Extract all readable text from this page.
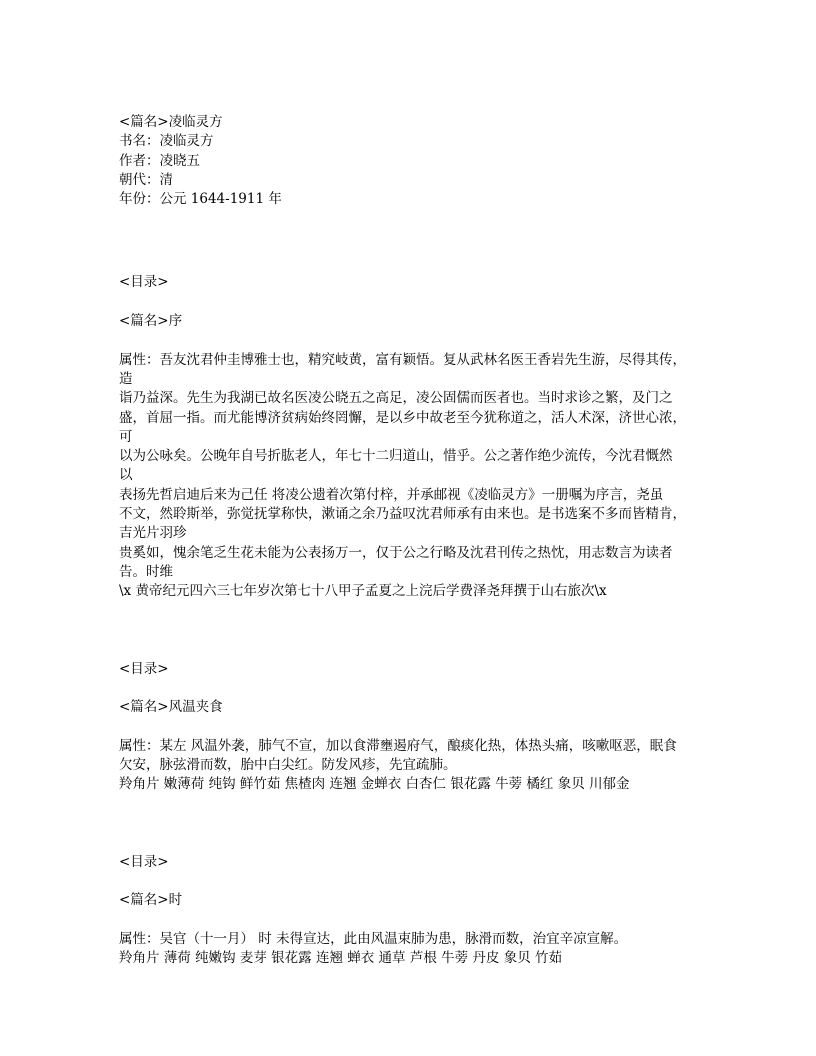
<篇名>凌临灵方
书名：凌临灵方
作者：凌晓五
朝代：清
年份：公元 1644-1911 年
<目录>
<篇名>序
属性：吾友沈君仲圭博雅士也，精究岐黄，富有颖悟。复从武林名医王香岩先生游，尽得其传，
造
诣乃益深。先生为我湖已故名医凌公晓五之高足，凌公固儒而医者也。当时求诊之繁，及门之
盛，首屈一指。而尤能博济贫病始终罔懈，是以乡中故老至今犹称道之，活人术深，济世心浓，
可
以为公咏矣。公晚年自号折肱老人，年七十二归道山，惜乎。公之著作绝少流传，今沈君慨然
以
表扬先哲启迪后来为己任 将凌公遗着次第付梓，并承邮视《凌临灵方》一册嘱为序言，尧虽
不文，然聆斯举，弥觉抚掌称快，漱诵之余乃益叹沈君师承有由来也。是书选案不多而皆精肯，
吉光片羽珍
贵奚如，愧余笔乏生花未能为公表扬万一，仅于公之行略及沈君刊传之热忱，用志数言为读者
告。时维
\x 黄帝纪元四六三七年岁次第七十八甲子孟夏之上浣后学费泽尧拜撰于山右旅次\x
<目录>
<篇名>风温夹食
属性：某左 风温外袭，肺气不宣，加以食滞壅遏府气，酿痰化热，体热头痛，咳嗽呕恶，眠食
欠安，脉弦滑而数，胎中白尖红。防发风疹，先宜疏肺。
羚角片 嫩薄荷 纯钩 鲜竹茹 焦楂肉 连翘 金蝉衣 白杏仁 银花露 牛蒡 橘红 象贝 川郁金
<目录>
<篇名>时
属性：吴官（十一月） 时 未得宣达，此由风温束肺为患，脉滑而数，治宜辛凉宣解。
羚角片 薄荷 纯嫩钩 麦芽 银花露 连翘 蝉衣 通草 芦根 牛蒡 丹皮 象贝 竹茹
